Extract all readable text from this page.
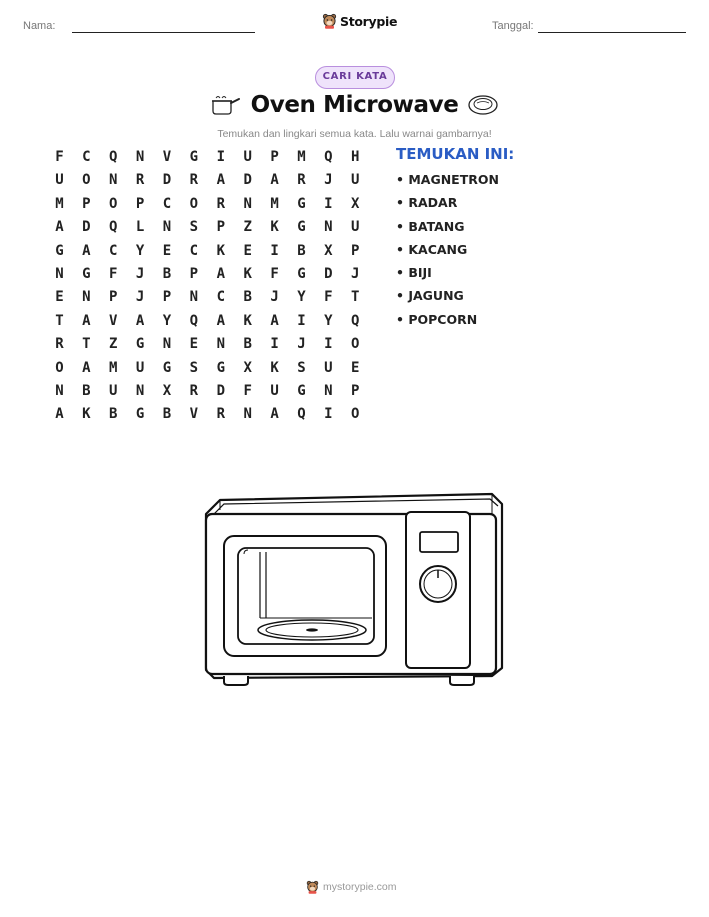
Nama:	Storypie	Tanggal:
CARI KATA
Oven Microwave
Temukan dan lingkari semua kata. Lalu warnai gambarnya!
F	C	Q	N	V	G	I	U	P	M	Q	H
U	O	N	R	D	R	A	D	A	R	J	U
M	P	O	P	C	O	R	N	M	G	I	X
A	D	Q	L	N	S	P	Z	K	G	N	U
G	A	C	Y	E	C	K	E	I	B	X	P
N	G	F	J	B	P	A	K	F	G	D	J
E	N	P	J	P	N	C	B	J	Y	F	T
T	A	V	A	Y	Q	A	K	A	I	Y	Q
R	T	Z	G	N	E	N	B	I	J	I	O
O	A	M	U	G	S	G	X	K	S	U	E
N	B	U	N	X	R	D	F	U	G	N	P
A	K	B	G	B	V	R	N	A	Q	I	O
TEMUKAN INI:
• MAGNETRON
• RADAR
• BATANG
• KACANG
• BIJI
• JAGUNG
• POPCORN
mystorypie.com
